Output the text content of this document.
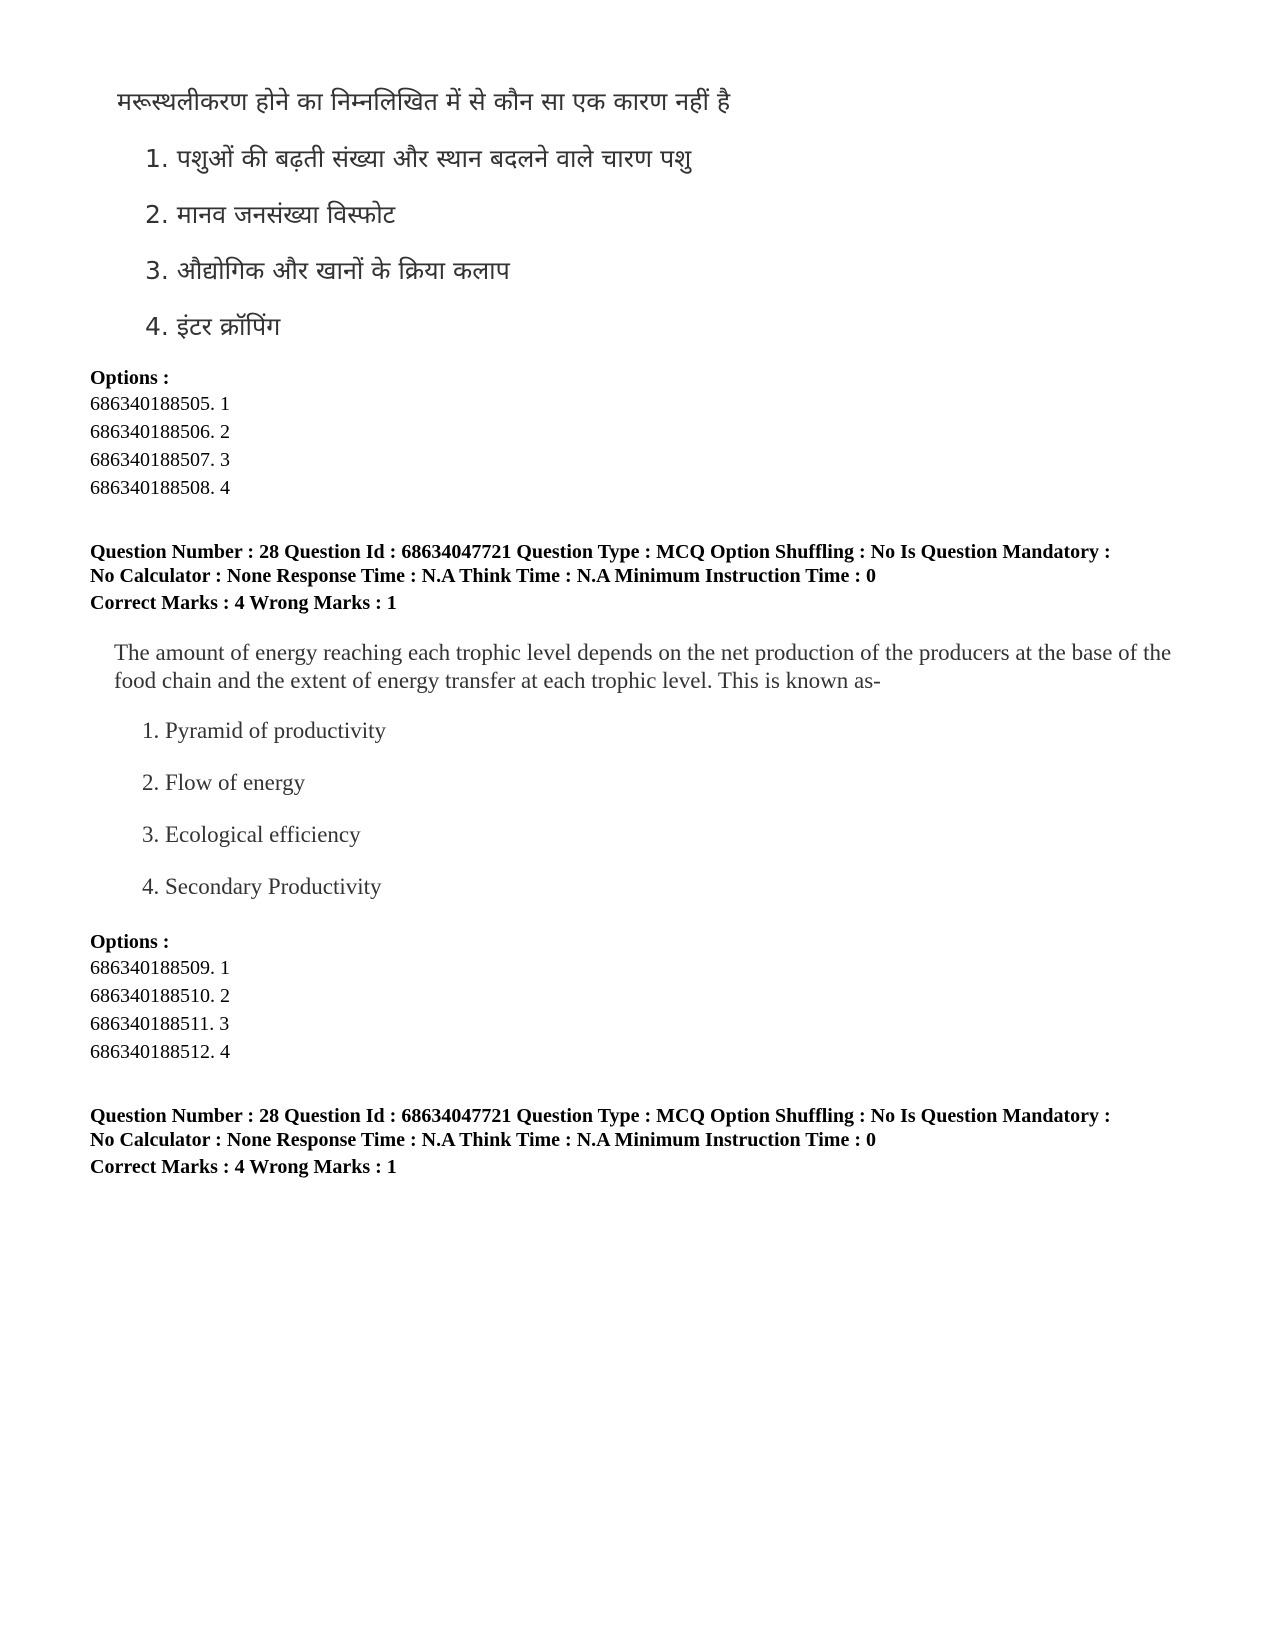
मरूस्थलीकरण होने का निम्नलिखित में से कौन सा एक कारण नहीं है
1. पशुओं की बढ़ती संख्या और स्थान बदलने वाले चारण पशु
2. मानव जनसंख्या विस्फोट
3. औद्योगिक और खानों के क्रिया कलाप
4. इंटर क्रॉपिंग
Options :
686340188505. 1
686340188506. 2
686340188507. 3
686340188508. 4
Question Number : 28 Question Id : 68634047721 Question Type : MCQ Option Shuffling : No Is Question Mandatory :
No Calculator : None Response Time : N.A Think Time : N.A Minimum Instruction Time : 0
Correct Marks : 4 Wrong Marks : 1
The amount of energy reaching each trophic level depends on the net production of the producers at the base of the food chain and the extent of energy transfer at each trophic level. This is known as-
1. Pyramid of productivity
2. Flow of energy
3. Ecological efficiency
4. Secondary Productivity
Options :
686340188509. 1
686340188510. 2
686340188511. 3
686340188512. 4
Question Number : 28 Question Id : 68634047721 Question Type : MCQ Option Shuffling : No Is Question Mandatory :
No Calculator : None Response Time : N.A Think Time : N.A Minimum Instruction Time : 0
Correct Marks : 4 Wrong Marks : 1
